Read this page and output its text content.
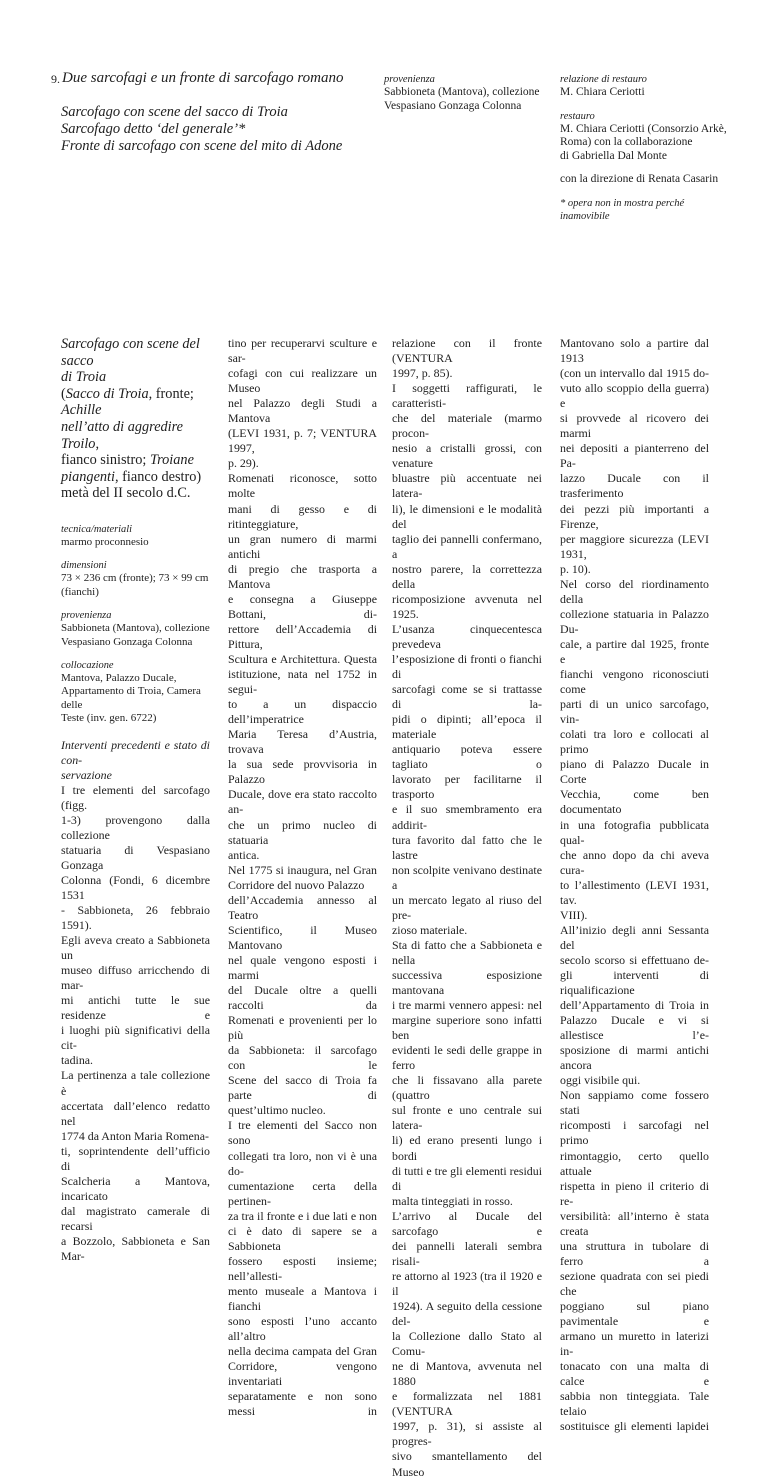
9. Due sarcofagi e un fronte di sarcofago romano
Sarcofago con scene del sacco di Troia
Sarcofago detto ‘del generale’*
Fronte di sarcofago con scene del mito di Adone
provenienza
Sabbioneta (Mantova), collezione
Vespasiano Gonzaga Colonna
relazione di restauro
M. Chiara Ceriotti
restauro
M. Chiara Ceriotti (Consorzio Arkè,
Roma) con la collaborazione
di Gabriella Dal Monte
con la direzione di Renata Casarin
* opera non in mostra perché
inamovibile
Sarcofago con scene del sacco
di Troia
(Sacco di Troia, fronte; Achille
nell’atto di aggredire Troilo,
fianco sinistro; Troiane
piangenti, fianco destro)
metà del II secolo d.C.
tecnica/materiali
marmo proconnesio
dimensioni
73 × 236 cm (fronte); 73 × 99 cm
(fianchi)
provenienza
Sabbioneta (Mantova), collezione
Vespasiano Gonzaga Colonna
collocazione
Mantova, Palazzo Ducale,
Appartamento di Troia, Camera delle
Teste (inv. gen. 6722)
Interventi precedenti e stato di con-
servazione
I tre elementi del sarcofago (figg.
1-3) provengono dalla collezione
statuaria di Vespasiano Gonzaga
Colonna (Fondi, 6 dicembre 1531
- Sabbioneta, 26 febbraio 1591).
Egli aveva creato a Sabbioneta un
museo diffuso arricchendo di mar-
mi antichi tutte le sue residenze e
i luoghi più significativi della cit-
tadina.
La pertinenza a tale collezione è
accertata dall’elenco redatto nel
1774 da Anton Maria Romena-
ti, soprintendente dell’ufficio di
Scalcheria a Mantova, incaricato
dal magistrato camerale di recarsi
a Bozzolo, Sabbioneta e San Mar-
tino per recuperarvi sculture e sar-
cofagi con cui realizzare un Museo
nel Palazzo degli Studi a Mantova
(LEVI 1931, p. 7; VENTURA 1997,
p. 29).
Romenati riconosce, sotto molte
mani di gesso e di ritinteggiature,
un gran numero di marmi antichi
di pregio che trasporta a Mantova
e consegna a Giuseppe Bottani, di-
rettore dell’Accademia di Pittura,
Scultura e Architettura. Questa
istituzione, nata nel 1752 in segui-
to a un dispaccio dell’imperatrice
Maria Teresa d’Austria, trovava
la sua sede provvisoria in Palazzo
Ducale, dove era stato raccolto an-
che un primo nucleo di statuaria
antica.
Nel 1775 si inaugura, nel Gran
Corridore del nuovo Palazzo
dell’Accademia annesso al Teatro
Scientifico, il Museo Mantovano
nel quale vengono esposti i marmi
del Ducale oltre a quelli raccolti da
Romenati e provenienti per lo più
da Sabbioneta: il sarcofago con le
Scene del sacco di Troia fa parte di
quest’ultimo nucleo.
I tre elementi del Sacco non sono
collegati tra loro, non vi è una do-
cumentazione certa della pertinen-
za tra il fronte e i due lati e non
ci è dato di sapere se a Sabbioneta
fossero esposti insieme; nell’allesti-
mento museale a Mantova i fianchi
sono esposti l’uno accanto all’altro
nella decima campata del Gran
Corridore, vengono inventariati
separatamente e non sono messi in
relazione con il fronte (VENTURA
1997, p. 85).
I soggetti raffigurati, le caratteristi-
che del materiale (marmo procon-
nesio a cristalli grossi, con venature
bluastre più accentuate nei latera-
li), le dimensioni e le modalità del
taglio dei pannelli confermano, a
nostro parere, la correttezza della
ricomposizione avvenuta nel 1925.
L’usanza cinquecentesca prevedeva
l’esposizione di fronti o fianchi di
sarcofagi come se si trattasse di la-
pidi o dipinti; all’epoca il materiale
antiquario poteva essere tagliato o
lavorato per facilitarne il trasporto
e il suo smembramento era addirit-
tura favorito dal fatto che le lastre
non scolpite venivano destinate a
un mercato legato al riuso del pre-
zioso materiale.
Sta di fatto che a Sabbioneta e nella
successiva esposizione mantovana
i tre marmi vennero appesi: nel
margine superiore sono infatti ben
evidenti le sedi delle grappe in ferro
che li fissavano alla parete (quattro
sul fronte e uno centrale sui latera-
li) ed erano presenti lungo i bordi
di tutti e tre gli elementi residui di
malta tinteggiati in rosso.
L’arrivo al Ducale del sarcofago e
dei pannelli laterali sembra risali-
re attorno al 1923 (tra il 1920 e il
1924). A seguito della cessione del-
la Collezione dallo Stato al Comu-
ne di Mantova, avvenuta nel 1880
e formalizzata nel 1881 (VENTURA
1997, p. 31), si assiste al progres-
sivo smantellamento del Museo
Mantovano solo a partire dal 1913
(con un intervallo dal 1915 do-
vuto allo scoppio della guerra) e
si provvede al ricovero dei marmi
nei depositi a pianterreno del Pa-
lazzo Ducale con il trasferimento
dei pezzi più importanti a Firenze,
per maggiore sicurezza (LEVI 1931,
p. 10).
Nel corso del riordinamento della
collezione statuaria in Palazzo Du-
cale, a partire dal 1925, fronte e
fianchi vengono riconosciuti come
parti di un unico sarcofago, vin-
colati tra loro e collocati al primo
piano di Palazzo Ducale in Corte
Vecchia, come ben documentato
in una fotografia pubblicata qual-
che anno dopo da chi aveva cura-
to l’allestimento (LEVI 1931, tav.
VIII).
All’inizio degli anni Sessanta del
secolo scorso si effettuano de-
gli interventi di riqualificazione
dell’Appartamento di Troia in
Palazzo Ducale e vi si allestisce l’e-
sposizione di marmi antichi ancora
oggi visibile qui.
Non sappiamo come fossero stati
ricomposti i sarcofagi nel primo
rimontaggio, certo quello attuale
rispetta in pieno il criterio di re-
versibilità: all’interno è stata creata
una struttura in tubolare di ferro a
sezione quadrata con sei piedi che
poggiano sul piano pavimentale e
armano un muretto in laterizi in-
tonacato con una malta di calce e
sabbia non tinteggiata. Tale telaio
sostituisce gli elementi lapidei
